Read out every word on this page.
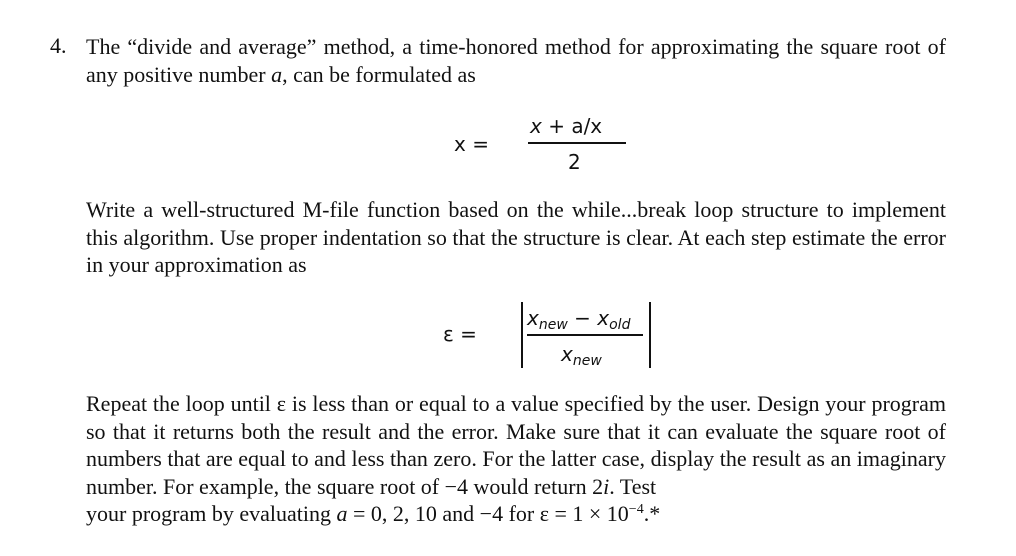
4. The “divide and average” method, a time-honored method for approximating the square root of any positive number a, can be formulated as
x =
x + a/x
2
Write a well-structured M-file function based on the while...break loop structure to implement this algorithm. Use proper indentation so that the structure is clear. At each step estimate the error in your approximation as
ε =
$x_{new} - x_{old}$
$x_{new}$
Repeat the loop until ε is less than or equal to a value specified by the user. Design your program so that it returns both the result and the error. Make sure that it can evaluate the square root of numbers that are equal to and less than zero. For the latter case, display the result as an imaginary number. For example, the square root of −4 would return 2i. Test
your program by evaluating a = 0, 2, 10 and −4 for $\varepsilon = 1 \times 10^{-4}.*$
